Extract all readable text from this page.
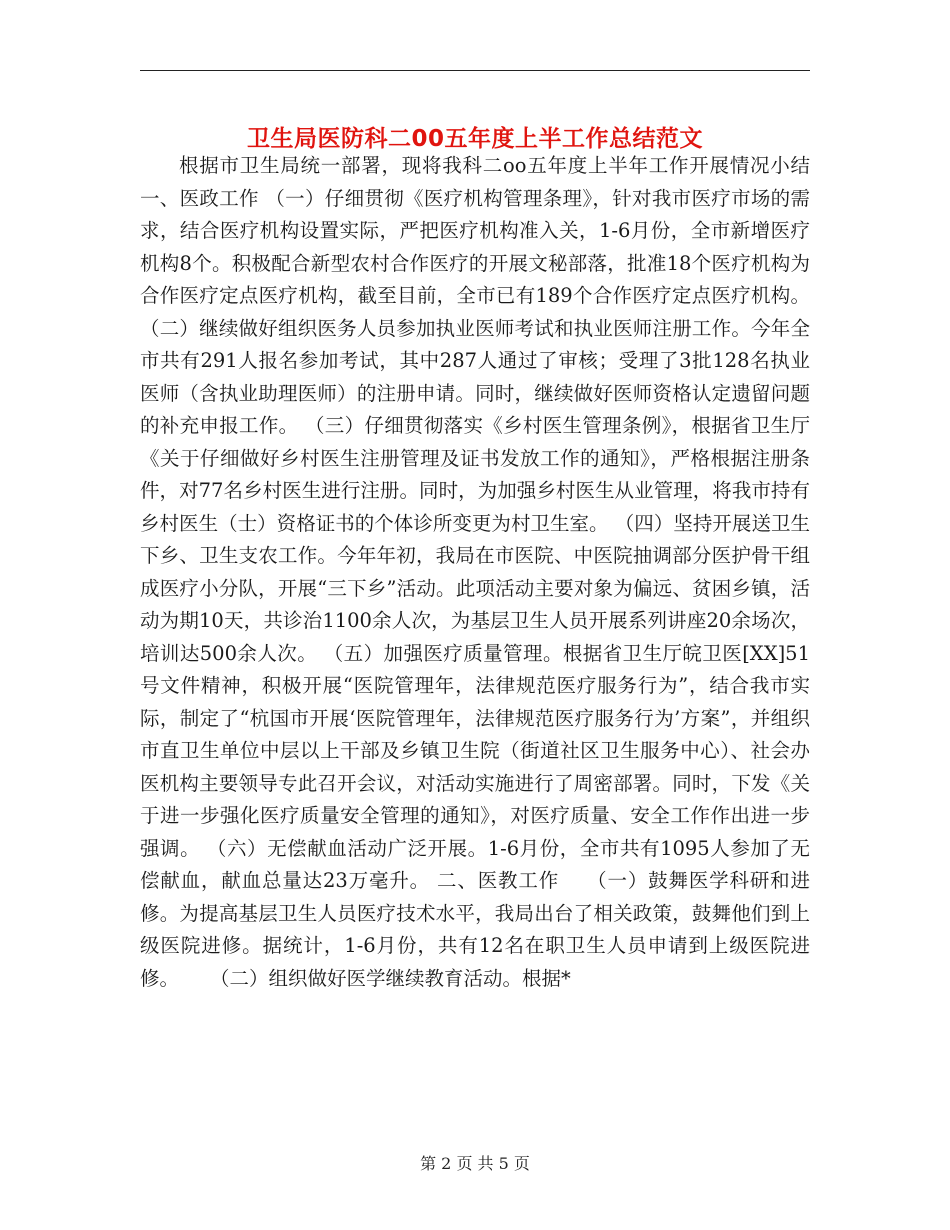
卫生局医防科二00五年度上半工作总结范文

根据市卫生局统一部署，现将我科二oo五年度上半年工作开展情况小结 一、医政工作 （一）仔细贯彻《医疗机构管理条理》，针对我市医疗市场的需求，结合医疗机构设置实际，严把医疗机构准入关，1-6月份，全市新增医疗机构8个。积极配合新型农村合作医疗的开展文秘部落，批准18个医疗机构为合作医疗定点医疗机构，截至目前，全市已有189个合作医疗定点医疗机构。 （二）继续做好组织医务人员参加执业医师考试和执业医师注册工作。今年全市共有291人报名参加考试，其中287人通过了审核；受理了3批128名执业医师（含执业助理医师）的注册申请。同时，继续做好医师资格认定遗留问题的补充申报工作。 （三）仔细贯彻落实《乡村医生管理条例》，根据省卫生厅《关于仔细做好乡村医生注册管理及证书发放工作的通知》，严格根据注册条件，对77名乡村医生进行注册。同时，为加强乡村医生从业管理，将我市持有乡村医生（士）资格证书的个体诊所变更为村卫生室。 （四）坚持开展送卫生下乡、卫生支农工作。今年年初，我局在市医院、中医院抽调部分医护骨干组成医疗小分队，开展“三下乡”活动。此项活动主要对象为偏远、贫困乡镇，活动为期10天，共诊治1100余人次，为基层卫生人员开展系列讲座20余场次，培训达500余人次。 （五）加强医疗质量管理。根据省卫生厅皖卫医[XX]51号文件精神，积极开展“医院管理年，法律规范医疗服务行为”，结合我市实际，制定了“杭国市开展‘医院管理年，法律规范医疗服务行为’方案”，并组织市直卫生单位中层以上干部及乡镇卫生院（街道社区卫生服务中心）、社会办医机构主要领导专此召开会议，对活动实施进行了周密部署。同时，下发《关于进一步强化医疗质量安全管理的通知》，对医疗质量、安全工作作出进一步强调。 （六）无偿献血活动广泛开展。1-6月份，全市共有1095人参加了无偿献血，献血总量达23万毫升。 二、医教工作    （一）鼓舞医学科研和进修。为提高基层卫生人员医疗技术水平，我局出台了相关政策，鼓舞他们到上级医院进修。据统计，1-6月份，共有12名在职卫生人员申请到上级医院进修。     （二）组织做好医学继续教育活动。根据*

第 2 页 共 5 页
